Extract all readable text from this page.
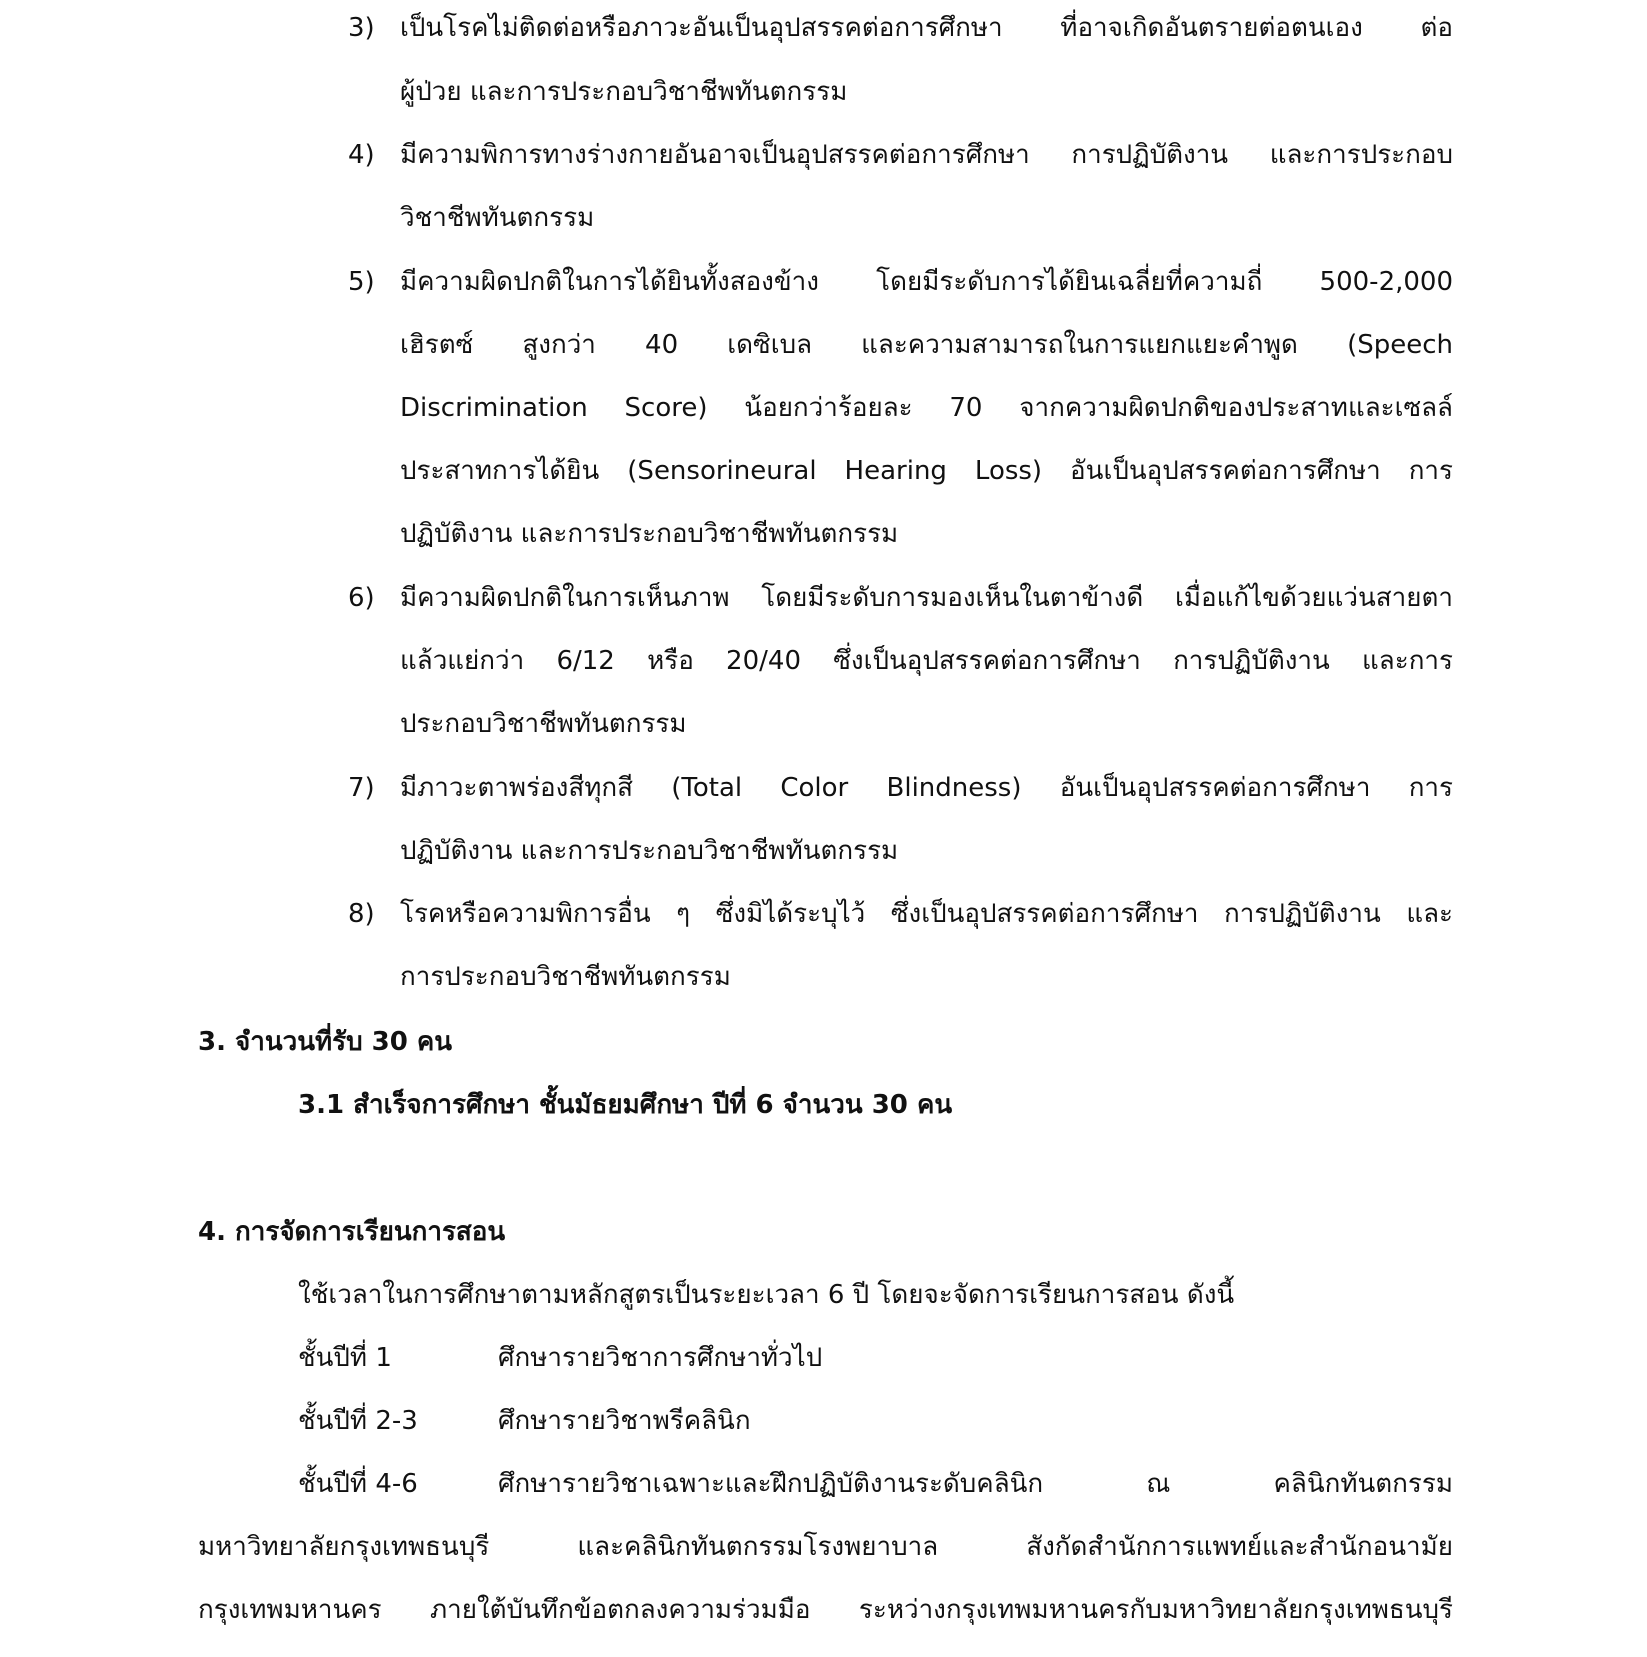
3) เป็นโรคไม่ติดต่อหรือภาวะอันเป็นอุปสรรคต่อการศึกษา ที่อาจเกิดอันตรายต่อตนเอง ต่อ
ผู้ป่วย และการประกอบวิชาชีพทันตกรรม
4) มีความพิการทางร่างกายอันอาจเป็นอุปสรรคต่อการศึกษา การปฏิบัติงาน และการประกอบ
วิชาชีพทันตกรรม
5) มีความผิดปกติในการได้ยินทั้งสองข้าง โดยมีระดับการได้ยินเฉลี่ยที่ความถี่ 500-2,000
เฮิรตซ์ สูงกว่า 40 เดซิเบล และความสามารถในการแยกแยะคำพูด (Speech
Discrimination Score) น้อยกว่าร้อยละ 70 จากความผิดปกติของประสาทและเซลล์
ประสาทการได้ยิน (Sensorineural Hearing Loss) อันเป็นอุปสรรคต่อการศึกษา การ
ปฏิบัติงาน และการประกอบวิชาชีพทันตกรรม
6) มีความผิดปกติในการเห็นภาพ โดยมีระดับการมองเห็นในตาข้างดี เมื่อแก้ไขด้วยแว่นสายตา
แล้วแย่กว่า 6/12 หรือ 20/40 ซึ่งเป็นอุปสรรคต่อการศึกษา การปฏิบัติงาน และการ
ประกอบวิชาชีพทันตกรรม
7) มีภาวะตาพร่องสีทุกสี (Total Color Blindness) อันเป็นอุปสรรคต่อการศึกษา การ
ปฏิบัติงาน และการประกอบวิชาชีพทันตกรรม
8) โรคหรือความพิการอื่น ๆ ซึ่งมิได้ระบุไว้ ซึ่งเป็นอุปสรรคต่อการศึกษา การปฏิบัติงาน และ
การประกอบวิชาชีพทันตกรรม
3. จำนวนที่รับ 30 คน
3.1 สำเร็จการศึกษา ชั้นมัธยมศึกษา ปีที่ 6 จำนวน 30 คน
4. การจัดการเรียนการสอน
ใช้เวลาในการศึกษาตามหลักสูตรเป็นระยะเวลา 6 ปี โดยจะจัดการเรียนการสอน ดังนี้
ชั้นปีที่ 1	ศึกษารายวิชาการศึกษาทั่วไป
ชั้นปีที่ 2-3	ศึกษารายวิชาพรีคลินิก
ชั้นปีที่ 4-6	ศึกษารายวิชาเฉพาะและฝึกปฏิบัติงานระดับคลินิก ณ คลินิกทันตกรรม
มหาวิทยาลัยกรุงเทพธนบุรี และคลินิกทันตกรรมโรงพยาบาล สังกัดสำนักการแพทย์และสำนักอนามัย
กรุงเทพมหานคร ภายใต้บันทึกข้อตกลงความร่วมมือ ระหว่างกรุงเทพมหานครกับมหาวิทยาลัยกรุงเทพธนบุรี
